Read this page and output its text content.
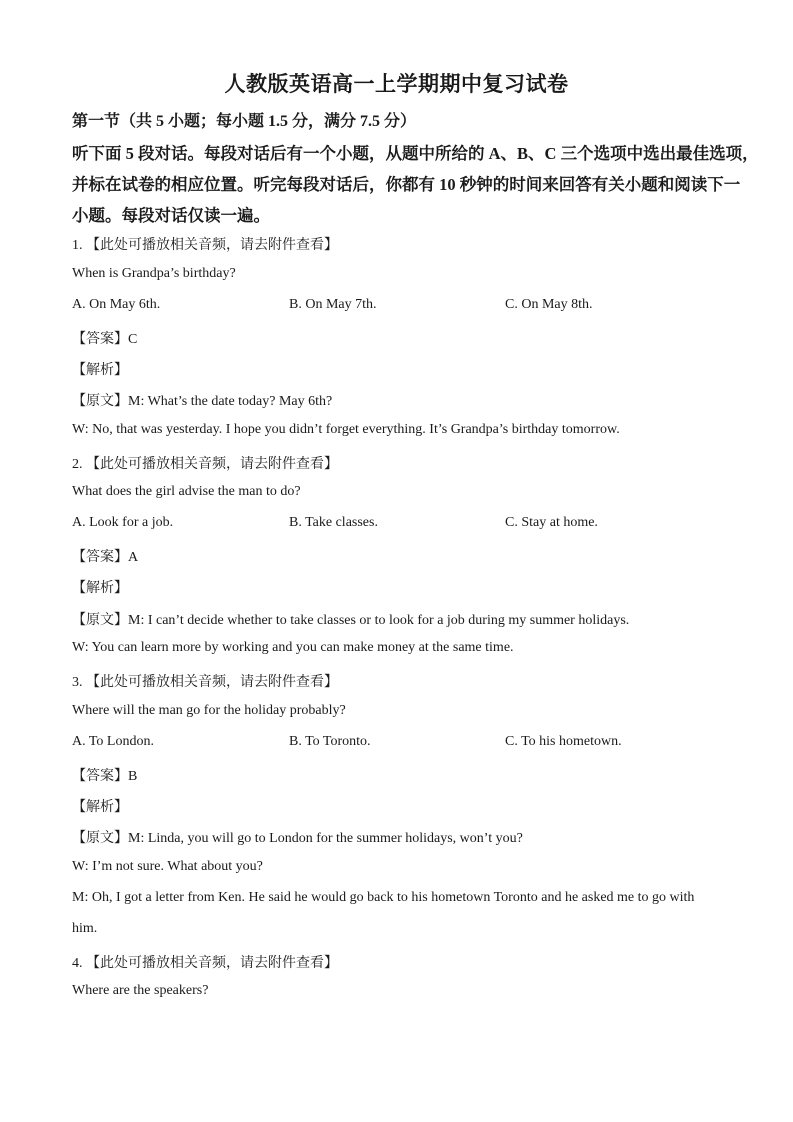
人教版英语高一上学期期中复习试卷
第一节（共 5 小题；每小题 1.5 分，满分 7.5 分）
听下面 5 段对话。每段对话后有一个小题，从题中所给的 A、B、C 三个选项中选出最佳选项，
并标在试卷的相应位置。听完每段对话后，你都有 10 秒钟的时间来回答有关小题和阅读下一
小题。每段对话仅读一遍。
1. 【此处可播放相关音频，请去附件查看】
When is Grandpa’s birthday?
A. On May 6th.	B. On May 7th.	C. On May 8th.
【答案】C
【解析】
【原文】M: What’s the date today? May 6th?
W: No, that was yesterday. I hope you didn’t forget everything. It’s Grandpa’s birthday tomorrow.
2. 【此处可播放相关音频，请去附件查看】
What does the girl advise the man to do?
A. Look for a job.	B. Take classes.	C. Stay at home.
【答案】A
【解析】
【原文】M: I can’t decide whether to take classes or to look for a job during my summer holidays.
W: You can learn more by working and you can make money at the same time.
3. 【此处可播放相关音频，请去附件查看】
Where will the man go for the holiday probably?
A. To London.	B. To Toronto.	C. To his hometown.
【答案】B
【解析】
【原文】M: Linda, you will go to London for the summer holidays, won’t you?
W: I’m not sure. What about you?
M: Oh, I got a letter from Ken. He said he would go back to his hometown Toronto and he asked me to go with
him.
4. 【此处可播放相关音频，请去附件查看】
Where are the speakers?
